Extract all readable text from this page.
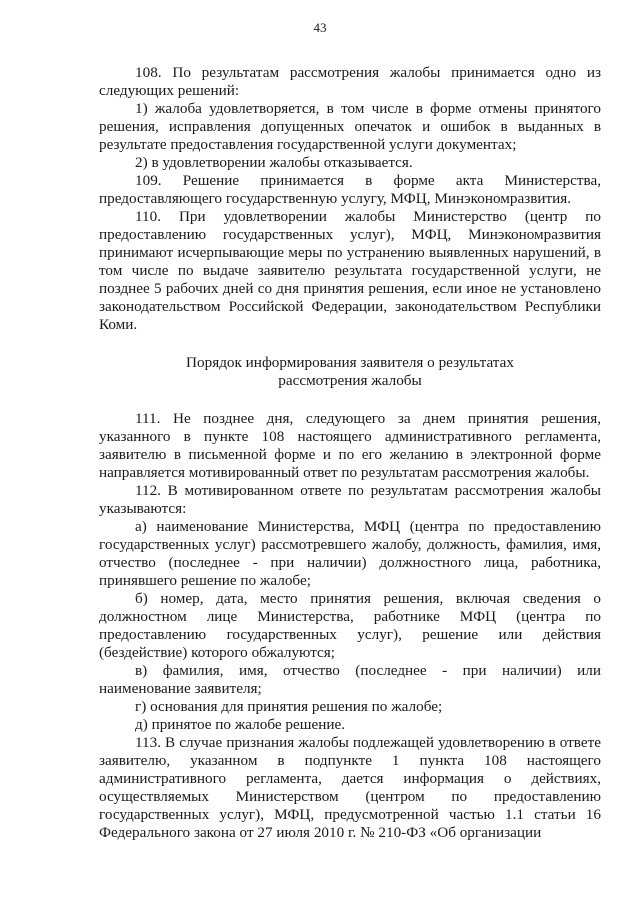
43

108. По результатам рассмотрения жалобы принимается одно из следующих решений:

1) жалоба удовлетворяется, в том числе в форме отмены принятого решения, исправления допущенных опечаток и ошибок в выданных в результате предоставления государственной услуги документах;

2) в удовлетворении жалобы отказывается.

109. Решение принимается в форме акта Министерства, предоставляющего государственную услугу, МФЦ, Минэкономразвития.

110. При удовлетворении жалобы Министерство (центр по предоставлению государственных услуг), МФЦ, Минэкономразвития принимают исчерпывающие меры по устранению выявленных нарушений, в том числе по выдаче заявителю результата государственной услуги, не позднее 5 рабочих дней со дня принятия решения, если иное не установлено законодательством Российской Федерации, законодательством Республики Коми.

Порядок информирования заявителя о результатах
рассмотрения жалобы

111. Не позднее дня, следующего за днем принятия решения, указанного в пункте 108 настоящего административного регламента, заявителю в письменной форме и по его желанию в электронной форме направляется мотивированный ответ по результатам рассмотрения жалобы.

112. В мотивированном ответе по результатам рассмотрения жалобы указываются:

а) наименование Министерства, МФЦ (центра по предоставлению государственных услуг) рассмотревшего жалобу, должность, фамилия, имя, отчество (последнее - при наличии) должностного лица, работника, принявшего решение по жалобе;

б) номер, дата, место принятия решения, включая сведения о должностном лице Министерства, работнике МФЦ (центра по предоставлению государственных услуг), решение или действия (бездействие) которого обжалуются;

в) фамилия, имя, отчество (последнее - при наличии) или наименование заявителя;

г) основания для принятия решения по жалобе;

д) принятое по жалобе решение.

113. В случае признания жалобы подлежащей удовлетворению в ответе заявителю, указанном в подпункте 1 пункта 108 настоящего административного регламента, дается информация о действиях, осуществляемых Министерством (центром по предоставлению государственных услуг), МФЦ, предусмотренной частью 1.1 статьи 16 Федерального закона от 27 июля 2010 г. № 210-ФЗ «Об организации
